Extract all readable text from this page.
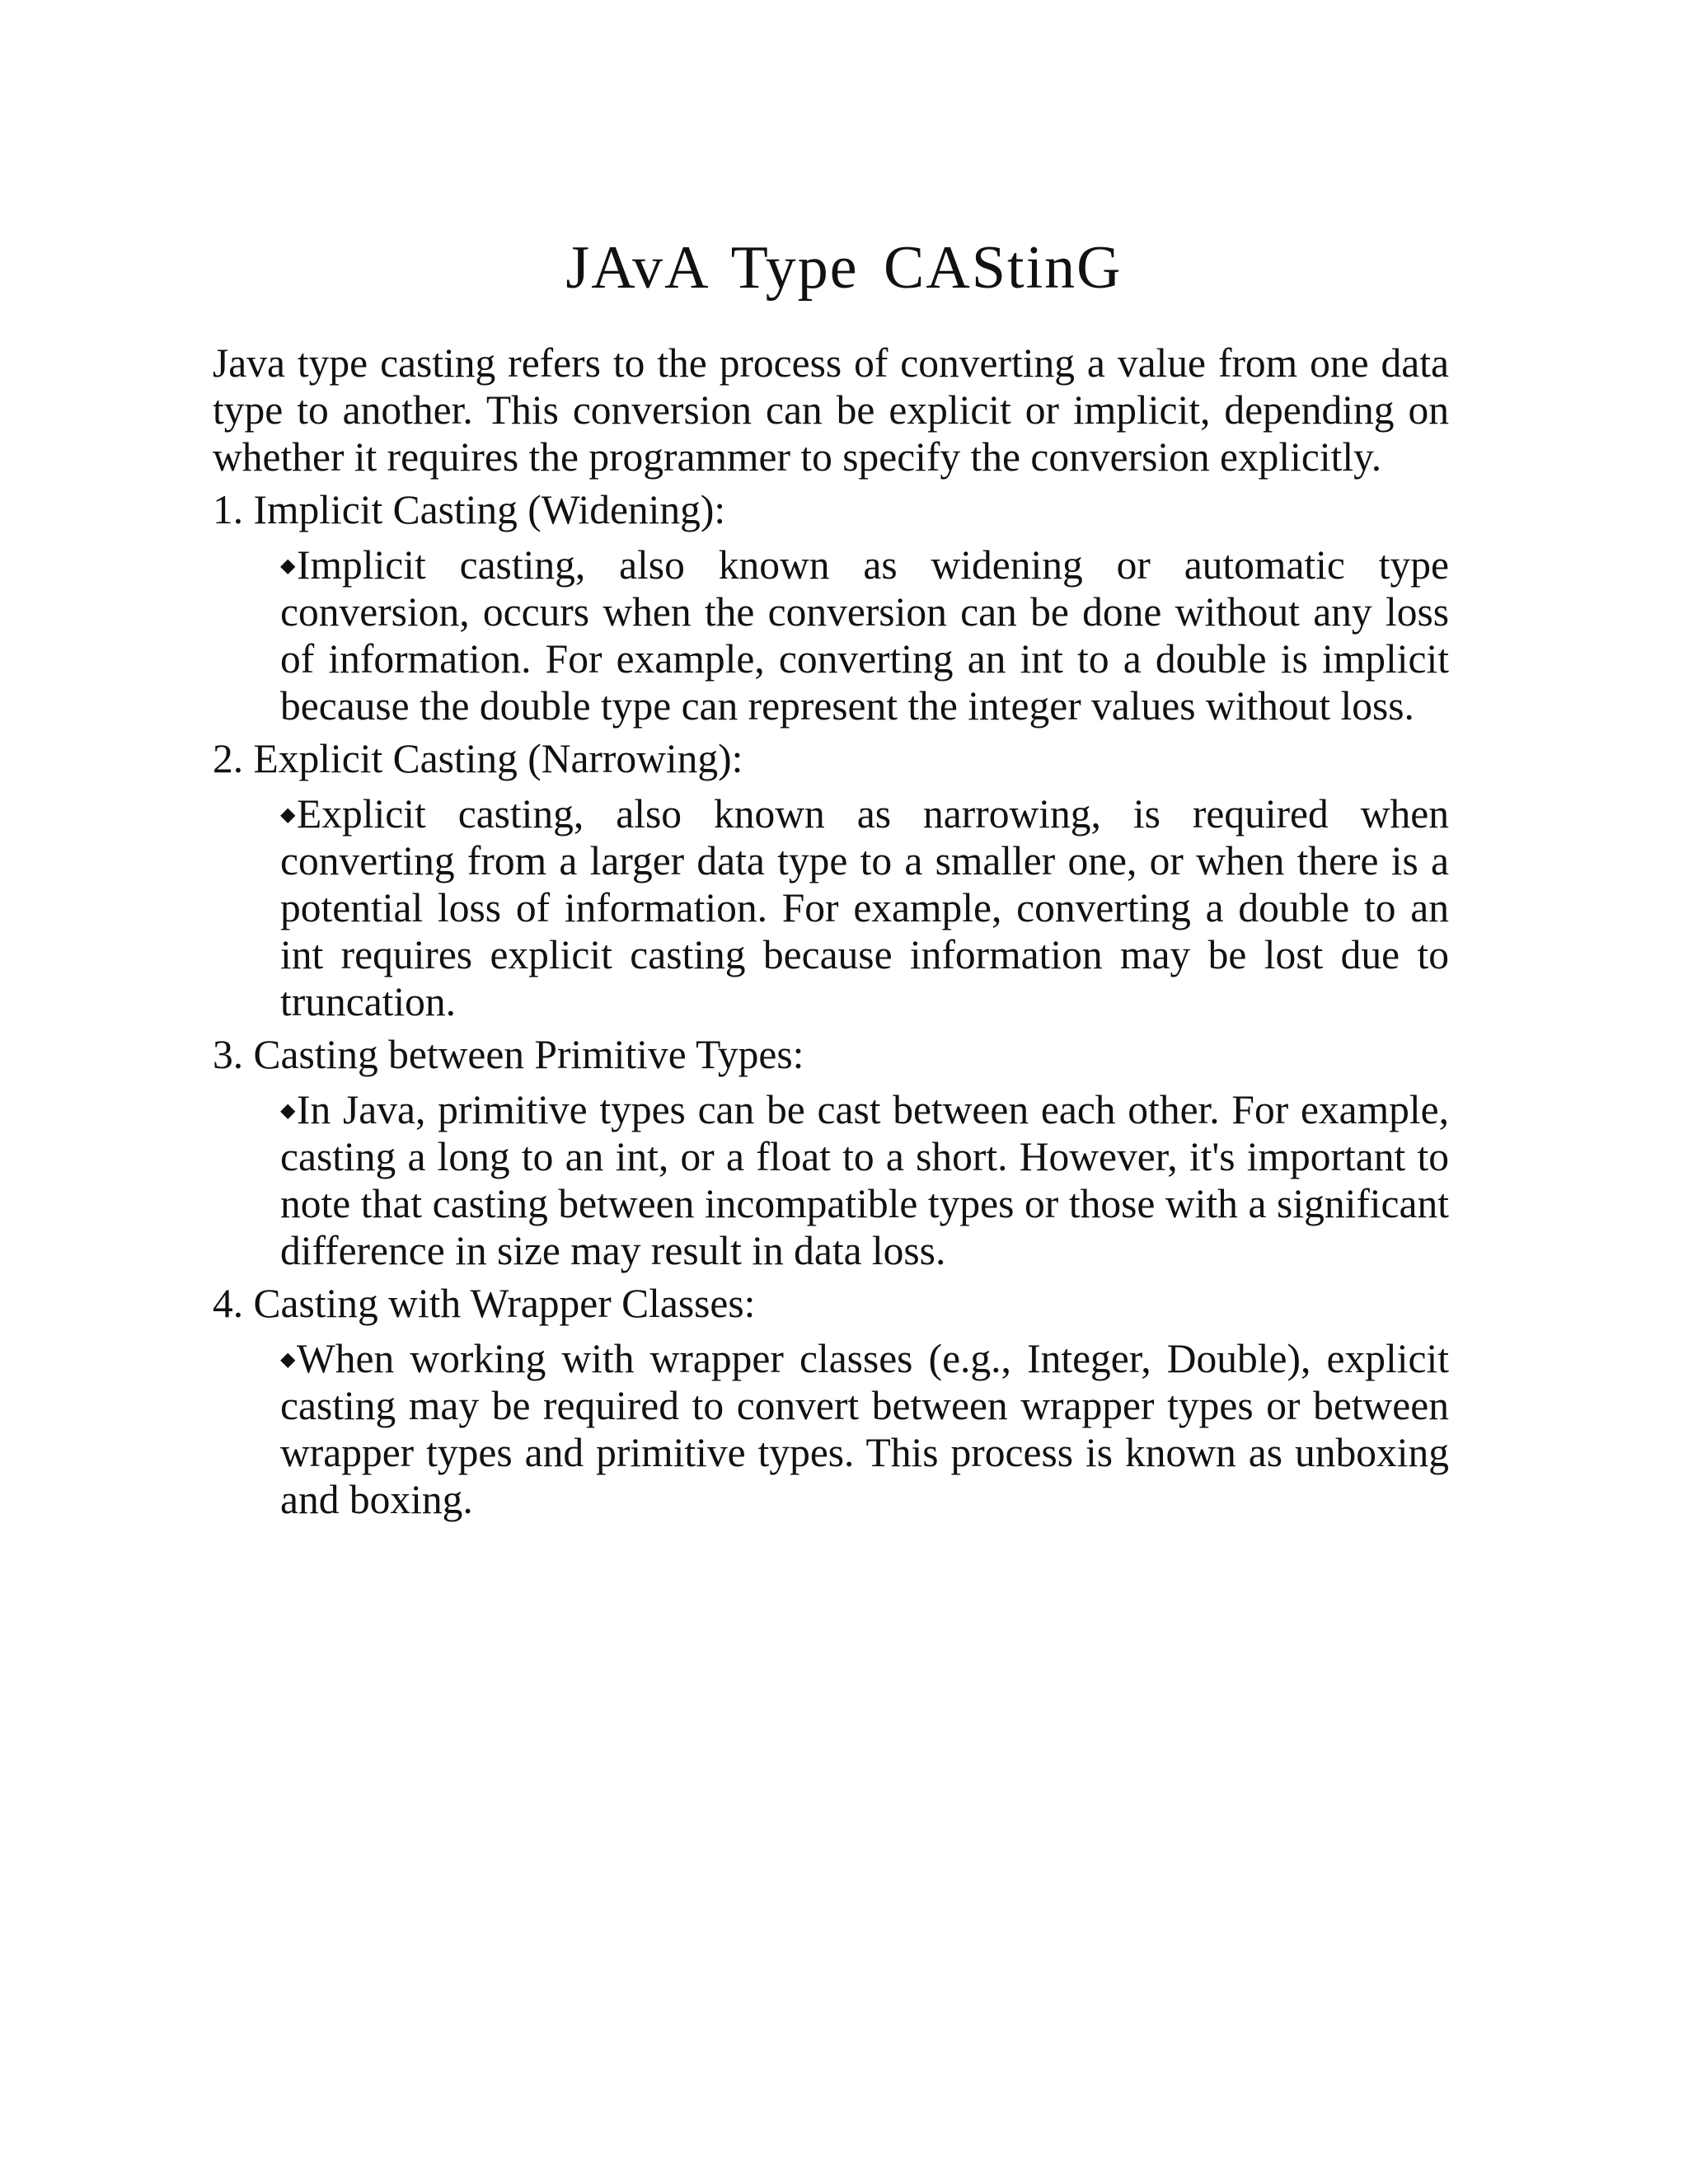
JAvA Type CAStinG

Java type casting refers to the process of converting a value from one data type to another. This conversion can be explicit or implicit, depending on whether it requires the programmer to specify the conversion explicitly.

1. Implicit Casting (Widening):

◆Implicit casting, also known as widening or automatic type conversion, occurs when the conversion can be done without any loss of information. For example, converting an int to a double is implicit because the double type can represent the integer values without loss.

2. Explicit Casting (Narrowing):

◆Explicit casting, also known as narrowing, is required when converting from a larger data type to a smaller one, or when there is a potential loss of information. For example, converting a double to an int requires explicit casting because information may be lost due to truncation.

3. Casting between Primitive Types:

◆In Java, primitive types can be cast between each other. For example, casting a long to an int, or a float to a short. However, it's important to note that casting between incompatible types or those with a significant difference in size may result in data loss.

4. Casting with Wrapper Classes:

◆When working with wrapper classes (e.g., Integer, Double), explicit casting may be required to convert between wrapper types or between wrapper types and primitive types. This process is known as unboxing and boxing.
